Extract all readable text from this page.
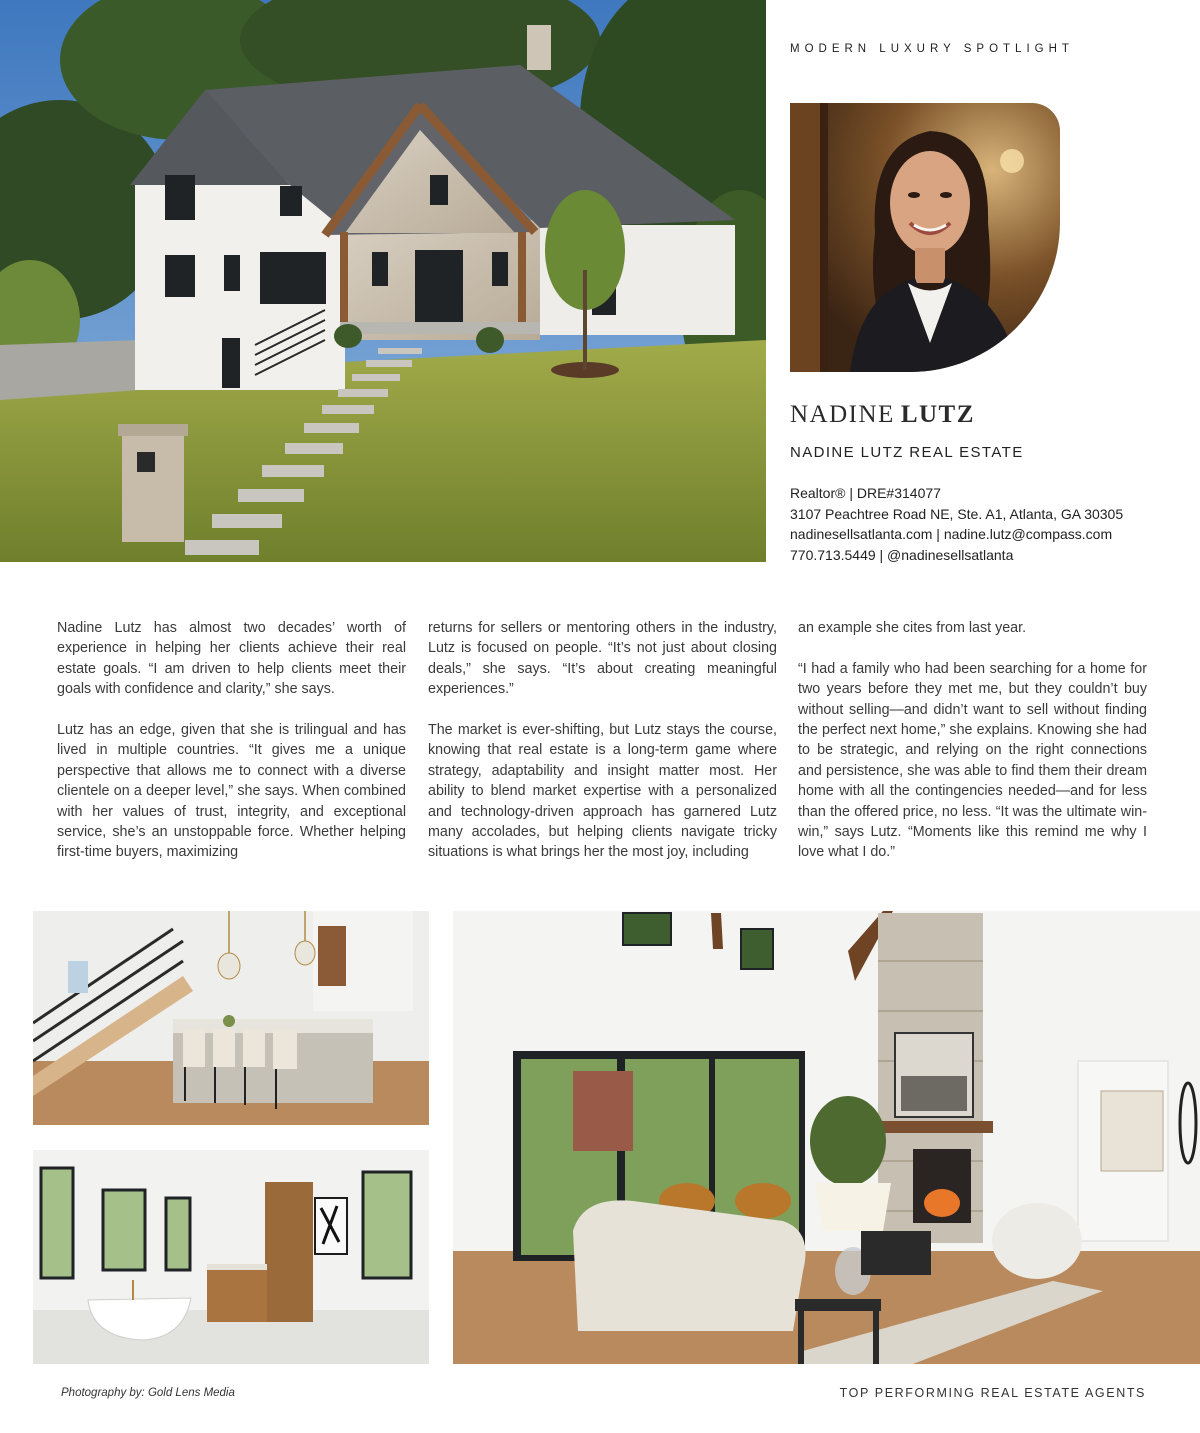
MODERN LUXURY SPOTLIGHT
NADINE LUTZ
NADINE LUTZ REAL ESTATE
Realtor® | DRE#314077
3107 Peachtree Road NE, Ste. A1, Atlanta, GA 30305
nadinesellsatlanta.com | nadine.lutz@compass.com
770.713.5449 | @nadinesellsatlanta

Nadine Lutz has almost two decades’ worth of experience in helping her clients achieve their real estate goals. “I am driven to help clients meet their goals with confidence and clarity,” she says.

Lutz has an edge, given that she is trilingual and has lived in multiple countries. “It gives me a unique perspective that allows me to connect with a diverse clientele on a deeper level,” she says. When combined with her values of trust, integrity, and exceptional service, she’s an unstoppable force. Whether helping first-time buyers, maximizing

returns for sellers or mentoring others in the industry, Lutz is focused on people. “It’s not just about closing deals,” she says. “It’s about creating meaningful experiences.”

The market is ever-shifting, but Lutz stays the course, knowing that real estate is a long-term game where strategy, adaptability and insight matter most. Her ability to blend market expertise with a personalized and technology-driven approach has garnered Lutz many accolades, but helping clients navigate tricky situations is what brings her the most joy, including

an example she cites from last year.

“I had a family who had been searching for a home for two years before they met me, but they couldn’t buy without selling—and didn’t want to sell without finding the perfect next home,” she explains. Knowing she had to be strategic, and relying on the right connections and persistence, she was able to find them their dream home with all the contingencies needed—and for less than the offered price, no less. “It was the ultimate win-win,” says Lutz. “Moments like this remind me why I love what I do.”

Photography by: Gold Lens Media	TOP PERFORMING REAL ESTATE AGENTS
